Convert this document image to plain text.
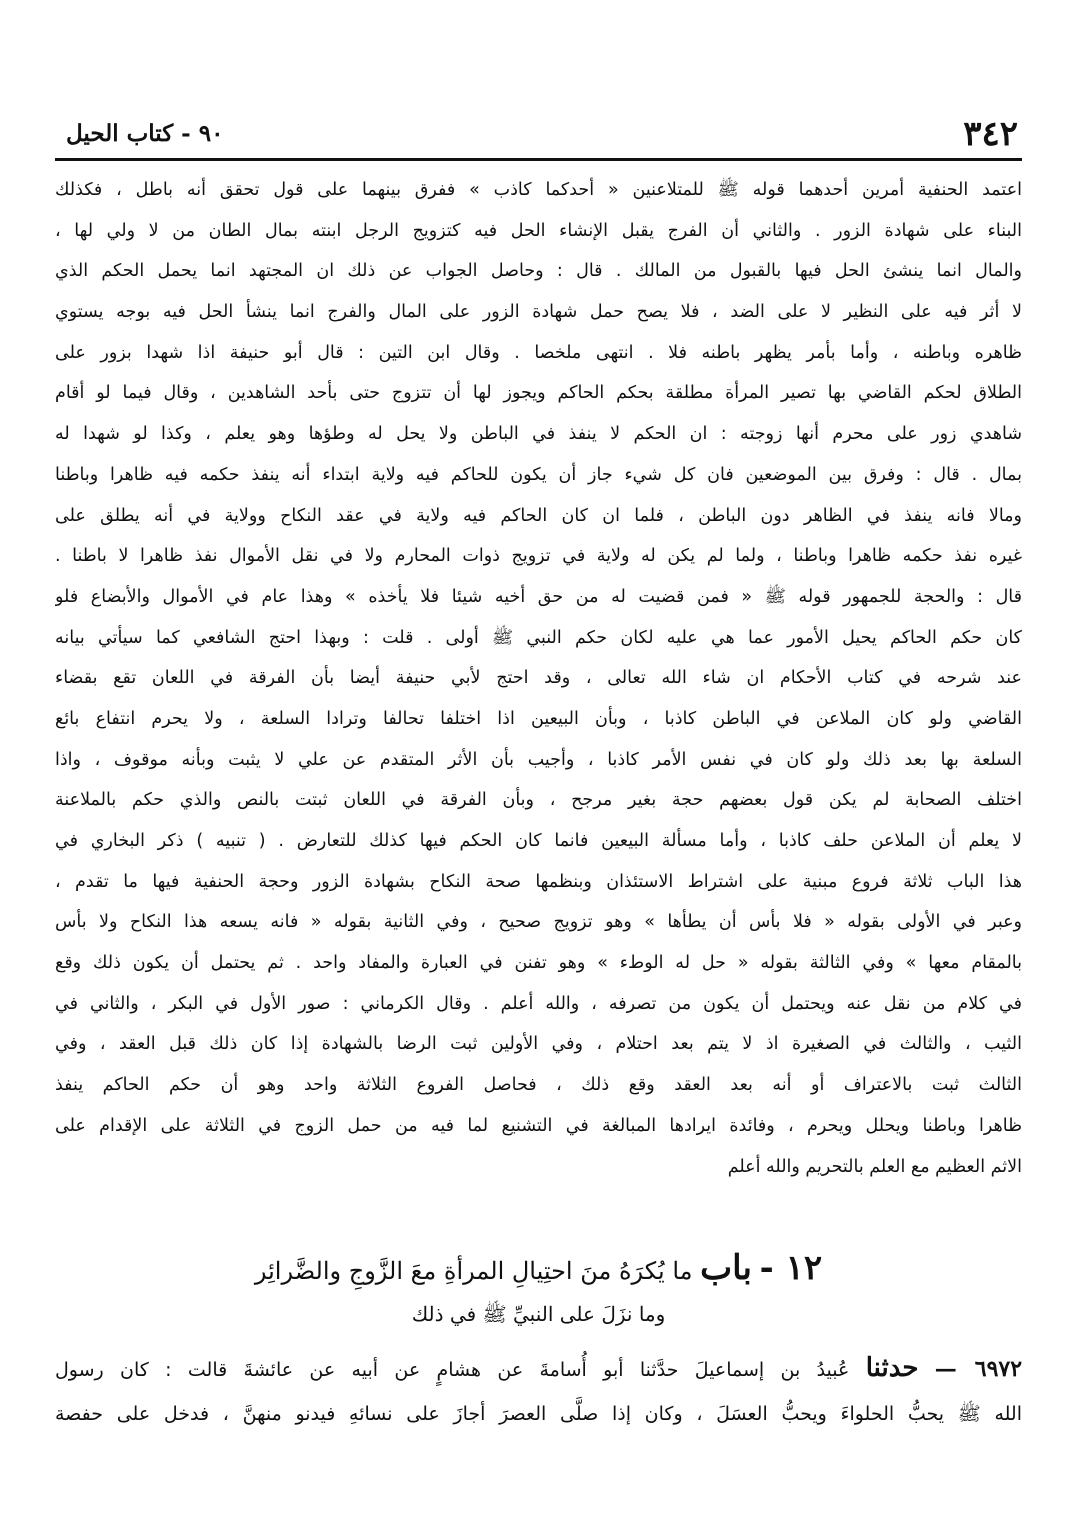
٣٤٢
٩٠ - كتاب الحيل
اعتمد الحنفية أمرين أحدهما قوله ﷺ للمتلاعنين « أحدكما كاذب » ففرق بينهما على قول تحقق أنه باطل ، فكذلك
البناء على شهادة الزور . والثاني أن الفرج يقبل الإنشاء الحل فيه كتزويج الرجل ابنته بمال الطان من لا ولي لها ،
والمال انما ينشئ الحل فيها بالقبول من المالك . قال : وحاصل الجواب عن ذلك ان المجتهد انما يحمل الحكم الذي
لا أثر فيه على النظير لا على الضد ، فلا يصح حمل شهادة الزور على المال والفرج انما ينشأ الحل فيه بوجه يستوي
ظاهره وباطنه ، وأما بأمر يظهر باطنه فلا . انتهى ملخصا . وقال ابن التين : قال أبو حنيفة اذا شهدا بزور على
الطلاق لحكم القاضي بها تصير المرأة مطلقة بحكم الحاكم ويجوز لها أن تتزوج حتى بأحد الشاهدين ، وقال فيما لو أقام
شاهدي زور على محرم أنها زوجته : ان الحكم لا ينفذ في الباطن ولا يحل له وطؤها وهو يعلم ، وكذا لو شهدا له
بمال . قال : وفرق بين الموضعين فان كل شيء جاز أن يكون للحاكم فيه ولاية ابتداء أنه ينفذ حكمه فيه ظاهرا وباطنا
ومالا فانه ينفذ في الظاهر دون الباطن ، فلما ان كان الحاكم فيه ولاية في عقد النكاح وولاية في أنه يطلق على
غيره نفذ حكمه ظاهرا وباطنا ، ولما لم يكن له ولاية في تزويج ذوات المحارم ولا في نقل الأموال نفذ ظاهرا لا باطنا .
قال : والحجة للجمهور قوله ﷺ « فمن قضيت له من حق أخيه شيئا فلا يأخذه » وهذا عام في الأموال والأبضاع فلو
كان حكم الحاكم يحيل الأمور عما هي عليه لكان حكم النبي ﷺ أولى . قلت : وبهذا احتج الشافعي كما سيأتي بيانه
عند شرحه في كتاب الأحكام ان شاء الله تعالى ، وقد احتج لأبي حنيفة أيضا بأن الفرقة في اللعان تقع بقضاء
القاضي ولو كان الملاعن في الباطن كاذبا ، وبأن البيعين اذا اختلفا تحالفا وترادا السلعة ، ولا يحرم انتفاع بائع
السلعة بها بعد ذلك ولو كان في نفس الأمر كاذبا ، وأجيب بأن الأثر المتقدم عن علي لا يثبت وبأنه موقوف ، واذا
اختلف الصحابة لم يكن قول بعضهم حجة بغير مرجح ، وبأن الفرقة في اللعان ثبتت بالنص والذي حكم بالملاعنة
لا يعلم أن الملاعن حلف كاذبا ، وأما مسألة البيعين فانما كان الحكم فيها كذلك للتعارض . ( تنبيه ) ذكر البخاري في
هذا الباب ثلاثة فروع مبنية على اشتراط الاستئذان وبنظمها صحة النكاح بشهادة الزور وحجة الحنفية فيها ما تقدم ،
وعبر في الأولى بقوله « فلا بأس أن يطأها » وهو تزويج صحيح ، وفي الثانية بقوله « فانه يسعه هذا النكاح ولا بأس
بالمقام معها » وفي الثالثة بقوله « حل له الوطء » وهو تفنن في العبارة والمفاد واحد . ثم يحتمل أن يكون ذلك وقع
في كلام من نقل عنه ويحتمل أن يكون من تصرفه ، والله أعلم . وقال الكرماني : صور الأول في البكر ، والثاني في
الثيب ، والثالث في الصغيرة اذ لا يتم بعد احتلام ، وفي الأولين ثبت الرضا بالشهادة إذا كان ذلك قبل العقد ، وفي
الثالث ثبت بالاعتراف أو أنه بعد العقد وقع ذلك ، فحاصل الفروع الثلاثة واحد وهو أن حكم الحاكم ينفذ
ظاهرا وباطنا ويحلل ويحرم ، وفائدة ايرادها المبالغة في التشنيع لما فيه من حمل الزوج في الثلاثة على الإقدام على
الاثم العظيم مع العلم بالتحريم والله أعلم
١٢ - باب ما يُكرَهُ منَ احتِيالِ المرأةِ معَ الزَّوجِ والضَّرائِر
وما نزَلَ على النبيِّ ﷺ في ذلك
٦٩٧٢ — حدثنا عُبيدُ بن إسماعيلَ حدَّثنا أبو أُسامةَ عن هشامٍ عن أبيه عن عائشةَ قالت : كان رسول
الله ﷺ يحبُّ الحلواءَ ويحبُّ العسَلَ ، وكان إذا صلَّى العصرَ أجازَ على نسائهِ فيدنو منهنَّ ، فدخل على حفصة
